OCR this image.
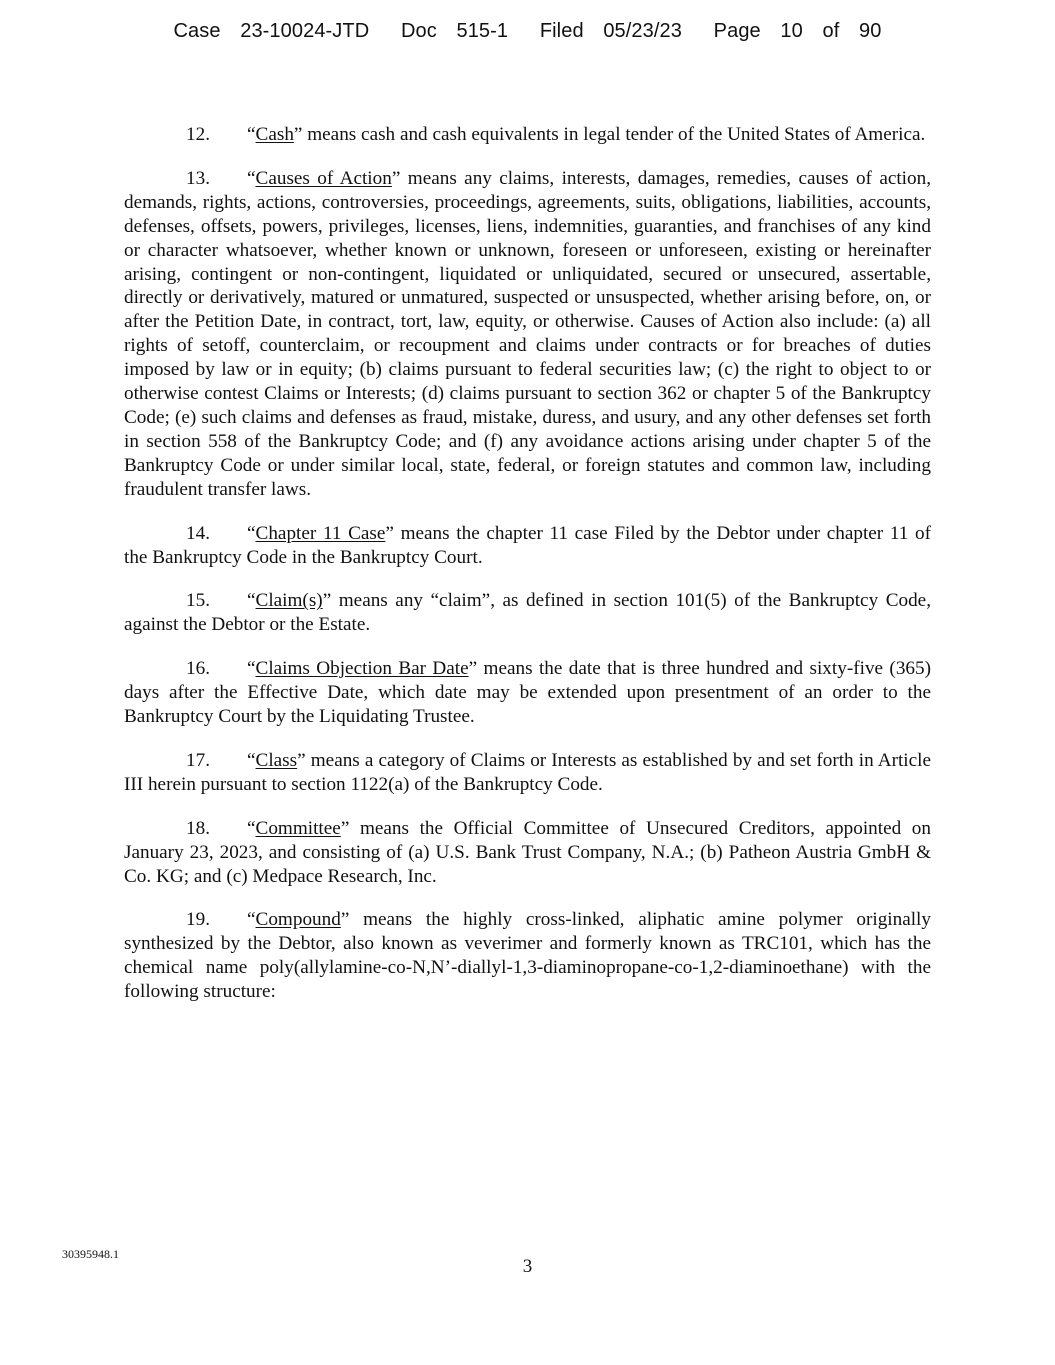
Case 23-10024-JTD Doc 515-1 Filed 05/23/23 Page 10 of 90

12. “Cash” means cash and cash equivalents in legal tender of the United States of America.

13. “Causes of Action” means any claims, interests, damages, remedies, causes of action, demands, rights, actions, controversies, proceedings, agreements, suits, obligations, liabilities, accounts, defenses, offsets, powers, privileges, licenses, liens, indemnities, guaranties, and franchises of any kind or character whatsoever, whether known or unknown, foreseen or unforeseen, existing or hereinafter arising, contingent or non-contingent, liquidated or unliquidated, secured or unsecured, assertable, directly or derivatively, matured or unmatured, suspected or unsuspected, whether arising before, on, or after the Petition Date, in contract, tort, law, equity, or otherwise. Causes of Action also include: (a) all rights of setoff, counterclaim, or recoupment and claims under contracts or for breaches of duties imposed by law or in equity; (b) claims pursuant to federal securities law; (c) the right to object to or otherwise contest Claims or Interests; (d) claims pursuant to section 362 or chapter 5 of the Bankruptcy Code; (e) such claims and defenses as fraud, mistake, duress, and usury, and any other defenses set forth in section 558 of the Bankruptcy Code; and (f) any avoidance actions arising under chapter 5 of the Bankruptcy Code or under similar local, state, federal, or foreign statutes and common law, including fraudulent transfer laws.

14. “Chapter 11 Case” means the chapter 11 case Filed by the Debtor under chapter 11 of the Bankruptcy Code in the Bankruptcy Court.

15. “Claim(s)” means any “claim”, as defined in section 101(5) of the Bankruptcy Code, against the Debtor or the Estate.

16. “Claims Objection Bar Date” means the date that is three hundred and sixty-five (365) days after the Effective Date, which date may be extended upon presentment of an order to the Bankruptcy Court by the Liquidating Trustee.

17. “Class” means a category of Claims or Interests as established by and set forth in Article III herein pursuant to section 1122(a) of the Bankruptcy Code.

18. “Committee” means the Official Committee of Unsecured Creditors, appointed on January 23, 2023, and consisting of (a) U.S. Bank Trust Company, N.A.; (b) Patheon Austria GmbH & Co. KG; and (c) Medpace Research, Inc.

19. “Compound” means the highly cross-linked, aliphatic amine polymer originally synthesized by the Debtor, also known as veverimer and formerly known as TRC101, which has the chemical name poly(allylamine-co-N,N’-diallyl-1,3-diaminopropane-co-1,2-diaminoethane) with the following structure:

30395948.1
3
